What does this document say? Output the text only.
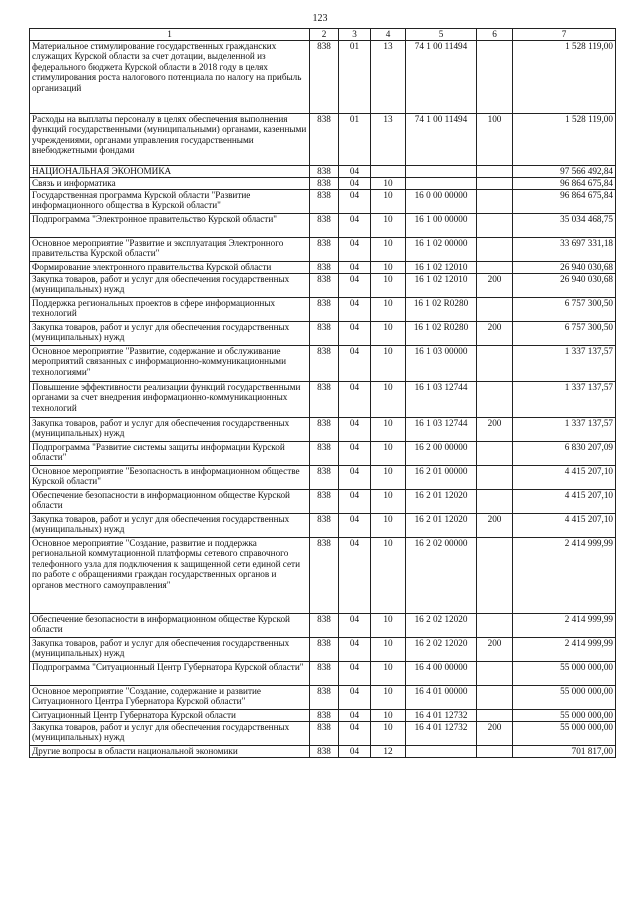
123
1	2	3	4	5	6	7
Материальное стимулирование государственных гражданских служащих Курской области за счет дотации, выделенной из федерального бюджета Курской области в 2018 году в целях стимулирования роста налогового потенциала по налогу на прибыль организаций	838	01	13	74 1 00 11494		1 528 119,00
Расходы на выплаты персоналу в целях обеспечения выполнения функций государственными (муниципальными) органами, казенными учреждениями, органами управления государственными внебюджетными фондами	838	01	13	74 1 00 11494	100	1 528 119,00
НАЦИОНАЛЬНАЯ ЭКОНОМИКА	838	04				97 566 492,84
Связь и информатика	838	04	10			96 864 675,84
Государственная программа Курской области "Развитие информационного общества в Курской области"	838	04	10	16 0 00 00000		96 864 675,84
Подпрограмма "Электронное правительство Курской области"	838	04	10	16 1 00 00000		35 034 468,75
Основное мероприятие "Развитие и эксплуатация Электронного правительства Курской области"	838	04	10	16 1 02 00000		33 697 331,18
Формирование электронного правительства Курской области	838	04	10	16 1 02 12010		26 940 030,68
Закупка товаров, работ и услуг для обеспечения государственных (муниципальных) нужд	838	04	10	16 1 02 12010	200	26 940 030,68
Поддержка региональных проектов в сфере информационных технологий	838	04	10	16 1 02 R0280		6 757 300,50
Закупка товаров, работ и услуг для обеспечения государственных (муниципальных) нужд	838	04	10	16 1 02 R0280	200	6 757 300,50
Основное мероприятие "Развитие, содержание и обслуживание мероприятий связанных с информационно-коммуникационными технологиями"	838	04	10	16 1 03 00000		1 337 137,57
Повышение эффективности реализации функций государственными органами за счет внедрения информационно-коммуникационных технологий	838	04	10	16 1 03 12744		1 337 137,57
Закупка товаров, работ и услуг для обеспечения государственных (муниципальных) нужд	838	04	10	16 1 03 12744	200	1 337 137,57
Подпрограмма "Развитие системы защиты информации Курской области"	838	04	10	16 2 00 00000		6 830 207,09
Основное мероприятие "Безопасность в информационном обществе Курской области"	838	04	10	16 2 01 00000		4 415 207,10
Обеспечение безопасности в информационном обществе Курской области	838	04	10	16 2 01 12020		4 415 207,10
Закупка товаров, работ и услуг для обеспечения государственных (муниципальных) нужд	838	04	10	16 2 01 12020	200	4 415 207,10
Основное мероприятие "Создание, развитие и поддержка региональной коммутационной платформы сетевого справочного телефонного узла для подключения к защищенной сети единой сети по работе с обращениями граждан государственных органов и органов местного самоуправления"	838	04	10	16 2 02 00000		2 414 999,99
Обеспечение безопасности в информационном обществе Курской области	838	04	10	16 2 02 12020		2 414 999,99
Закупка товаров, работ и услуг для обеспечения государственных (муниципальных) нужд	838	04	10	16 2 02 12020	200	2 414 999,99
Подпрограмма "Ситуационный Центр Губернатора Курской области"	838	04	10	16 4 00 00000		55 000 000,00
Основное мероприятие "Создание, содержание и развитие Ситуационного Центра Губернатора Курской области"	838	04	10	16 4 01 00000		55 000 000,00
Ситуационный Центр Губернатора Курской области	838	04	10	16 4 01 12732		55 000 000,00
Закупка товаров, работ и услуг для обеспечения государственных (муниципальных) нужд	838	04	10	16 4 01 12732	200	55 000 000,00
Другие вопросы в области национальной экономики	838	04	12			701 817,00
